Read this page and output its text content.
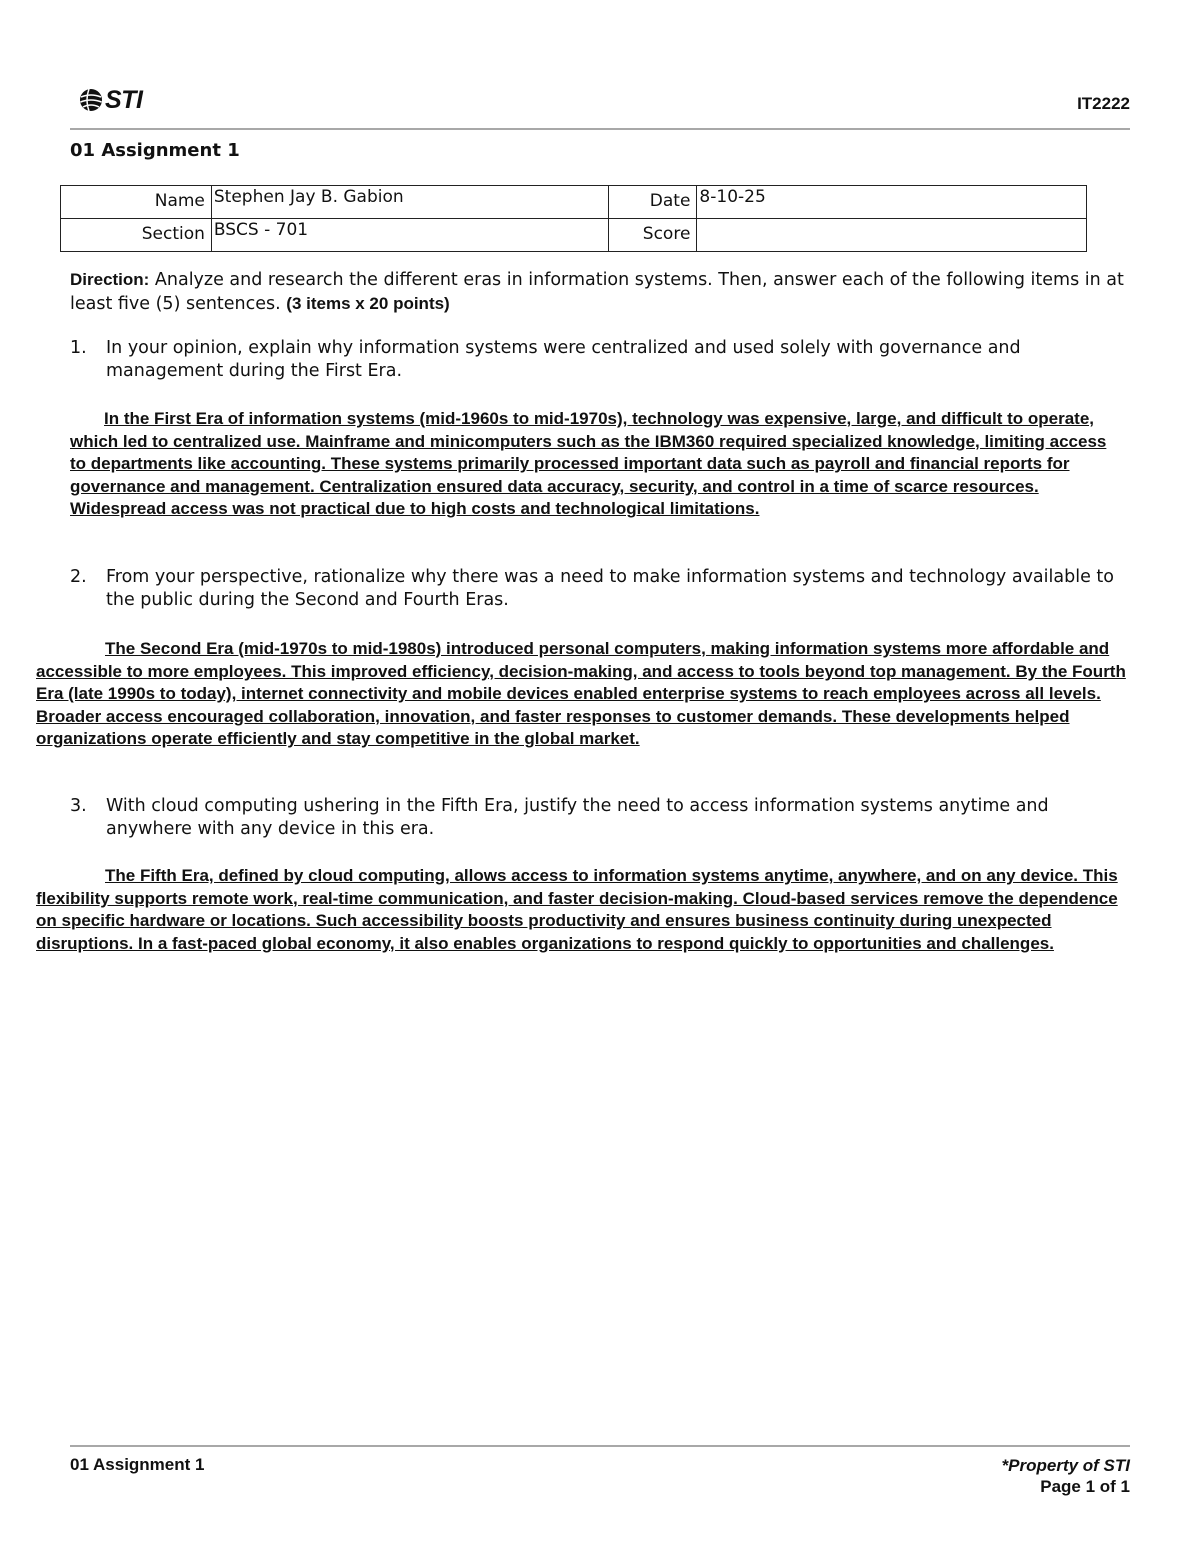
STI	IT2222
01 Assignment 1
Name	Stephen Jay B. Gabion	Date	8-10-25
Section	BSCS - 701	Score	
Direction: Analyze and research the different eras in information systems. Then, answer each of the following items in at least five (5) sentences. (3 items x 20 points)
1.	In your opinion, explain why information systems were centralized and used solely with governance and management during the First Era.
In the First Era of information systems (mid-1960s to mid-1970s), technology was expensive, large, and difficult to operate, which led to centralized use. Mainframe and minicomputers such as the IBM360 required specialized knowledge, limiting access to departments like accounting. These systems primarily processed important data such as payroll and financial reports for governance and management. Centralization ensured data accuracy, security, and control in a time of scarce resources. Widespread access was not practical due to high costs and technological limitations.
2.	From your perspective, rationalize why there was a need to make information systems and technology available to the public during the Second and Fourth Eras.
The Second Era (mid-1970s to mid-1980s) introduced personal computers, making information systems more affordable and accessible to more employees. This improved efficiency, decision-making, and access to tools beyond top management. By the Fourth Era (late 1990s to today), internet connectivity and mobile devices enabled enterprise systems to reach employees across all levels. Broader access encouraged collaboration, innovation, and faster responses to customer demands. These developments helped organizations operate efficiently and stay competitive in the global market.
3.	With cloud computing ushering in the Fifth Era, justify the need to access information systems anytime and anywhere with any device in this era.
The Fifth Era, defined by cloud computing, allows access to information systems anytime, anywhere, and on any device. This flexibility supports remote work, real-time communication, and faster decision-making. Cloud-based services remove the dependence on specific hardware or locations. Such accessibility boosts productivity and ensures business continuity during unexpected disruptions. In a fast-paced global economy, it also enables organizations to respond quickly to opportunities and challenges.
01 Assignment 1	*Property of STI
Page 1 of 1
